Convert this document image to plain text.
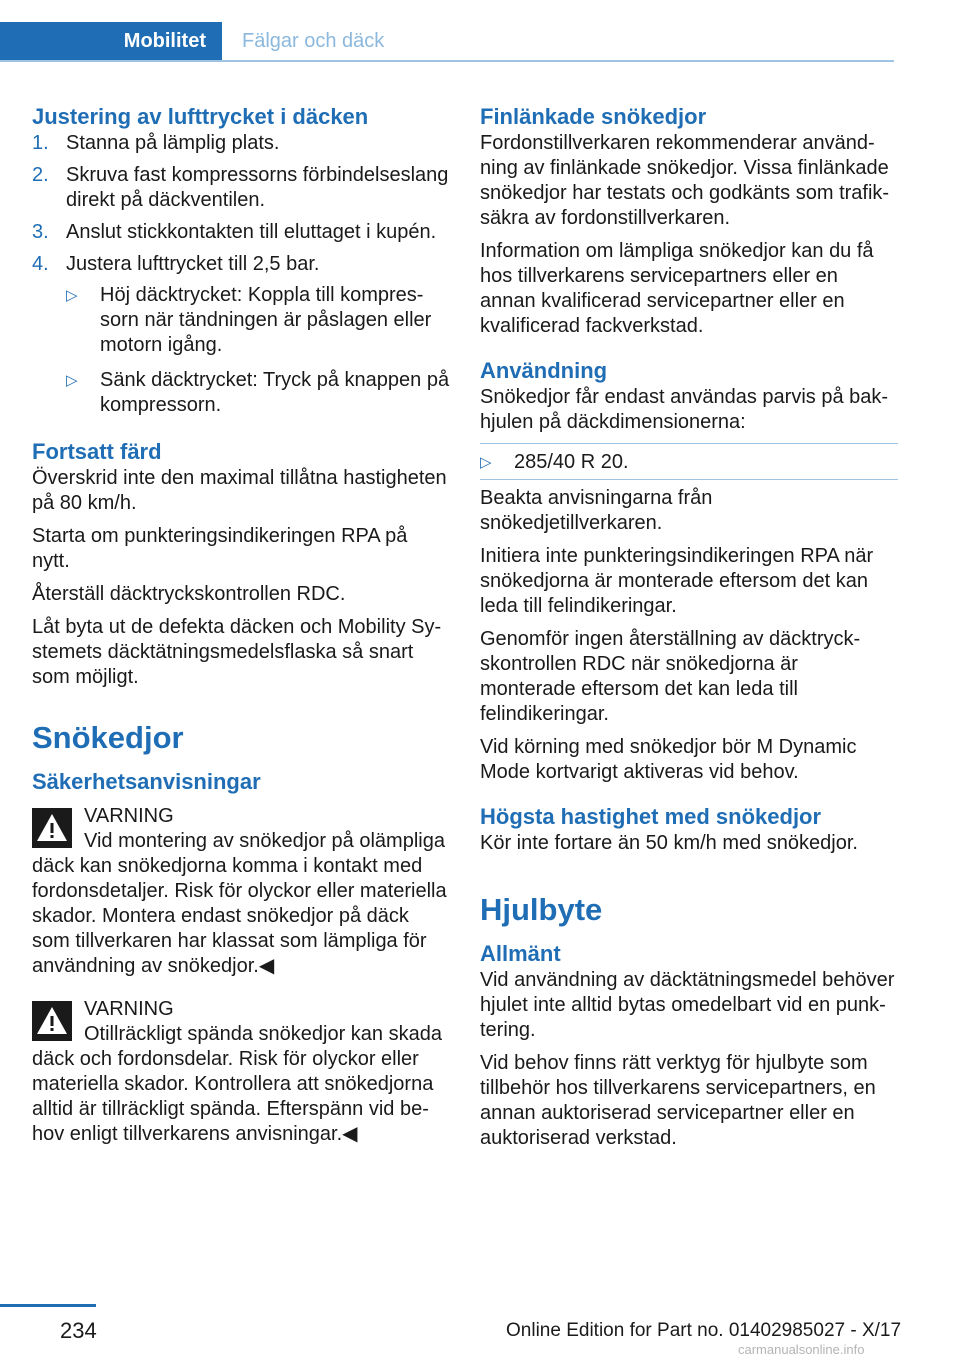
Mobilitet	Fälgar och däck
Justering av lufttrycket i däcken
1. Stanna på lämplig plats.
2. Skruva fast kompressorns förbindelseslang direkt på däckventilen.
3. Anslut stickkontakten till eluttaget i kupén.
4. Justera lufttrycket till 2,5 bar.
▷ Höj däcktrycket: Koppla till kompressorn när tändningen är påslagen eller motorn igång.
▷ Sänk däcktrycket: Tryck på knappen på kompressorn.
Fortsatt färd

Överskrid inte den maximal tillåtna hastigheten på 80 km/h.

Starta om punkteringsindikeringen RPA på nytt.

Återställ däcktryckskontrollen RDC.

Låt byta ut de defekta däcken och Mobility Systemets däcktätningsmedelsflaska så snart som möjligt.

Snökedjor
Säkerhetsanvisningar
VARNING
Vid montering av snökedjor på olämpliga däck kan snökedjorna komma i kontakt med fordonsdetaljer. Risk för olyckor eller materiella skador. Montera endast snökedjor på däck som tillverkaren har klassat som lämpliga för användning av snökedjor.◀
VARNING
Otillräckligt spända snökedjor kan skada däck och fordonsdelar. Risk för olyckor eller materiella skador. Kontrollera att snökedjorna alltid är tillräckligt spända. Efterspänn vid behov enligt tillverkarens anvisningar.◀
Finlänkade snökedjor

Fordonstillverkaren rekommenderar användning av finlänkade snökedjor. Vissa finlänkade snökedjor har testats och godkänts som trafiksäkra av fordonstillverkaren.

Information om lämpliga snökedjor kan du få hos tillverkarens servicepartners eller en annan kvalificerad servicepartner eller en kvalificerad fackverkstad.

Användning

Snökedjor får endast användas parvis på bakhjulen på däckdimensionerna:

▷ 285/40 R 20.

Beakta anvisningarna från snökedjetillverkaren.

Initiera inte punkteringsindikeringen RPA när snökedjorna är monterade eftersom det kan leda till felindikeringar.

Genomför ingen återställning av däcktryckskontrollen RDC när snökedjorna är monterade eftersom det kan leda till felindikeringar.

Vid körning med snökedjor bör M Dynamic Mode kortvarigt aktiveras vid behov.

Högsta hastighet med snökedjor

Kör inte fortare än 50 km/h med snökedjor.

Hjulbyte
Allmänt

Vid användning av däcktätningsmedel behöver hjulet inte alltid bytas omedelbart vid en punktering.

Vid behov finns rätt verktyg för hjulbyte som tillbehör hos tillverkarens servicepartners, en annan auktoriserad servicepartner eller en auktoriserad verkstad.

234	Online Edition for Part no. 01402985027 - X/17
carmanualsonline.info
